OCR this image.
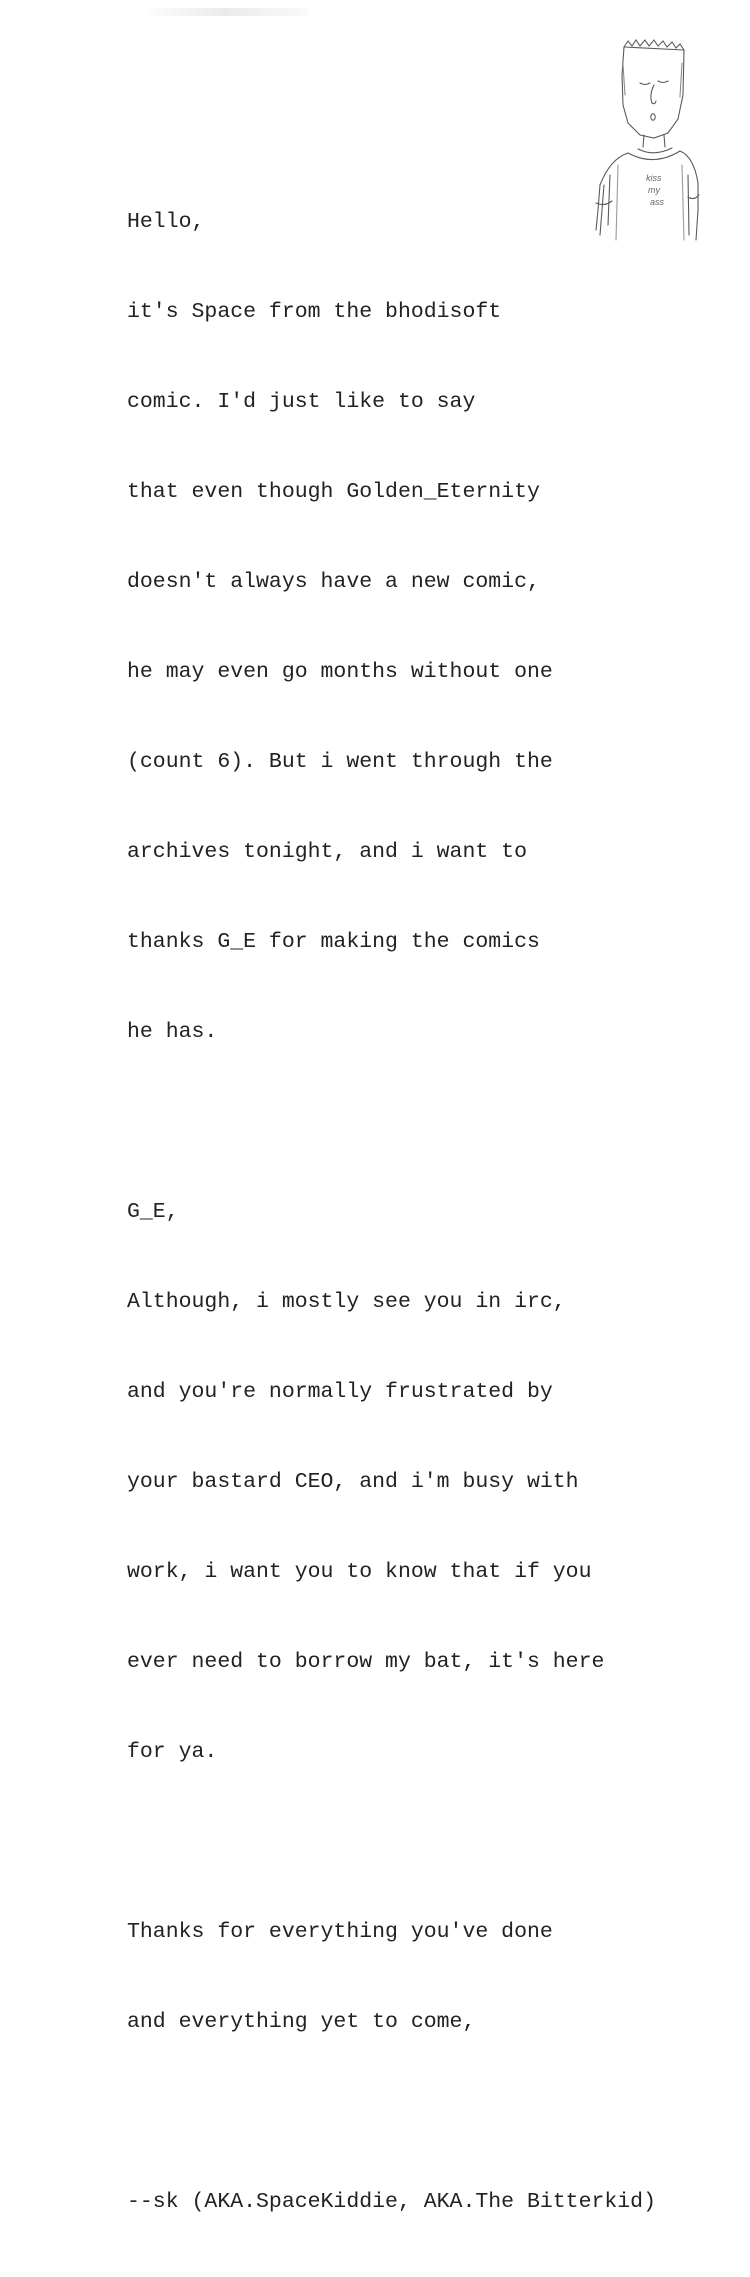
kiss
my
ass

Hello,

it's Space from the bhodisoft

comic. I'd just like to say

that even though Golden_Eternity

doesn't always have a new comic,

he may even go months without one

(count 6). But i went through the

archives tonight, and i want to

thanks G_E for making the comics

he has.

G_E,

Although, i mostly see you in irc,

and you're normally frustrated by

your bastard CEO, and i'm busy with

work, i want you to know that if you

ever need to borrow my bat, it's here

for ya.

Thanks for everything you've done

and everything yet to come,

--sk (AKA.SpaceKiddie, AKA.The Bitterkid)
